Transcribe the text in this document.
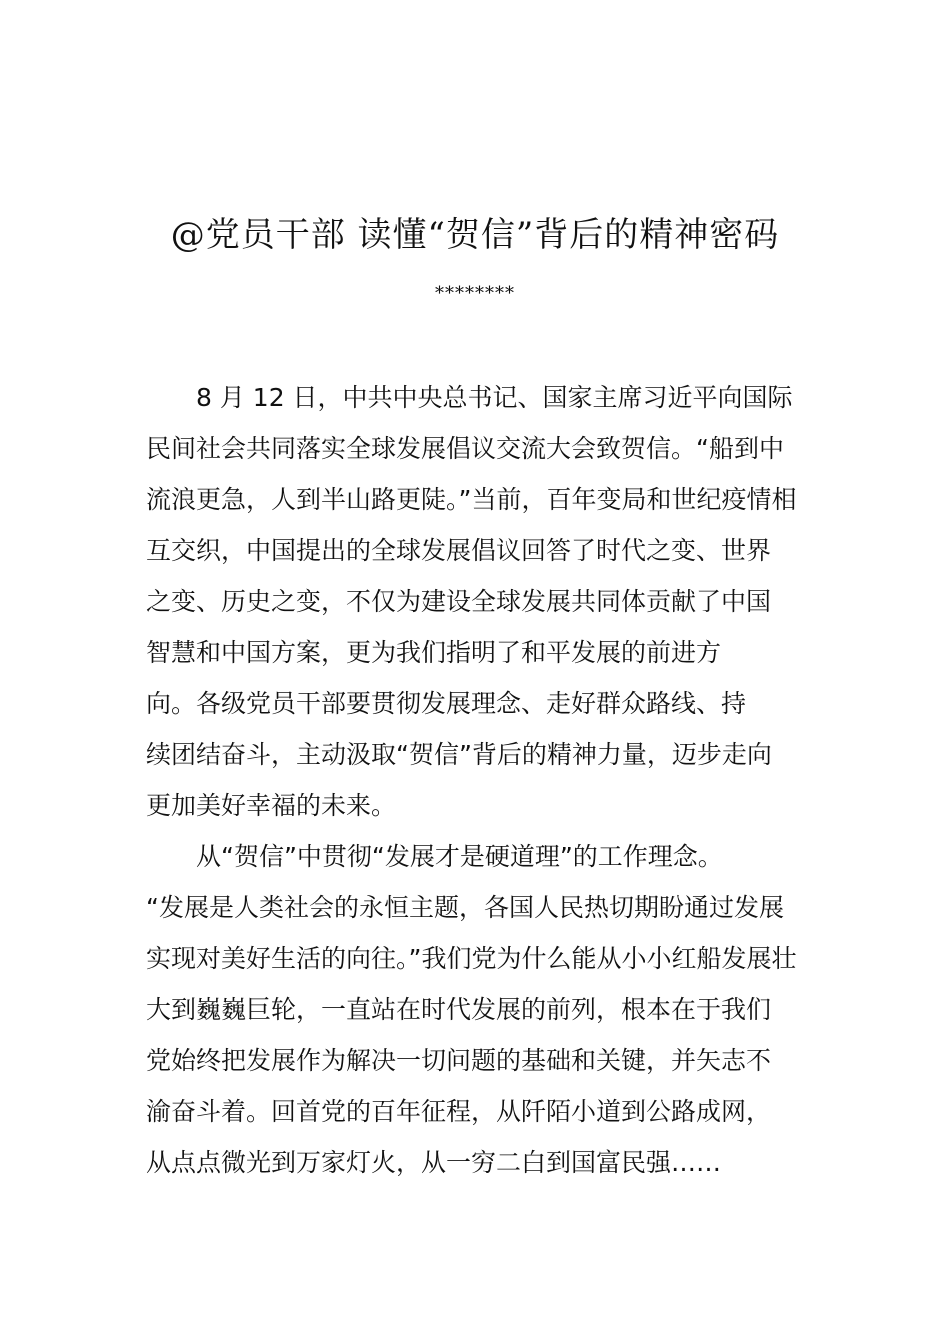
@党员干部 读懂“贺信”背后的精神密码
********
8 月 12 日，中共中央总书记、国家主席习近平向国际
民间社会共同落实全球发展倡议交流大会致贺信。“船到中
流浪更急，人到半山路更陡。”当前，百年变局和世纪疫情相
互交织，中国提出的全球发展倡议回答了时代之变、世界
之变、历史之变，不仅为建设全球发展共同体贡献了中国
智慧和中国方案，更为我们指明了和平发展的前进方
向。各级党员干部要贯彻发展理念、走好群众路线、持
续团结奋斗，主动汲取“贺信”背后的精神力量，迈步走向
更加美好幸福的未来。
从“贺信”中贯彻“发展才是硬道理”的工作理念。
“发展是人类社会的永恒主题，各国人民热切期盼通过发展
实现对美好生活的向往。”我们党为什么能从小小红船发展壮
大到巍巍巨轮，一直站在时代发展的前列，根本在于我们
党始终把发展作为解决一切问题的基础和关键，并矢志不
渝奋斗着。回首党的百年征程，从阡陌小道到公路成网，
从点点微光到万家灯火，从一穷二白到国富民强……
